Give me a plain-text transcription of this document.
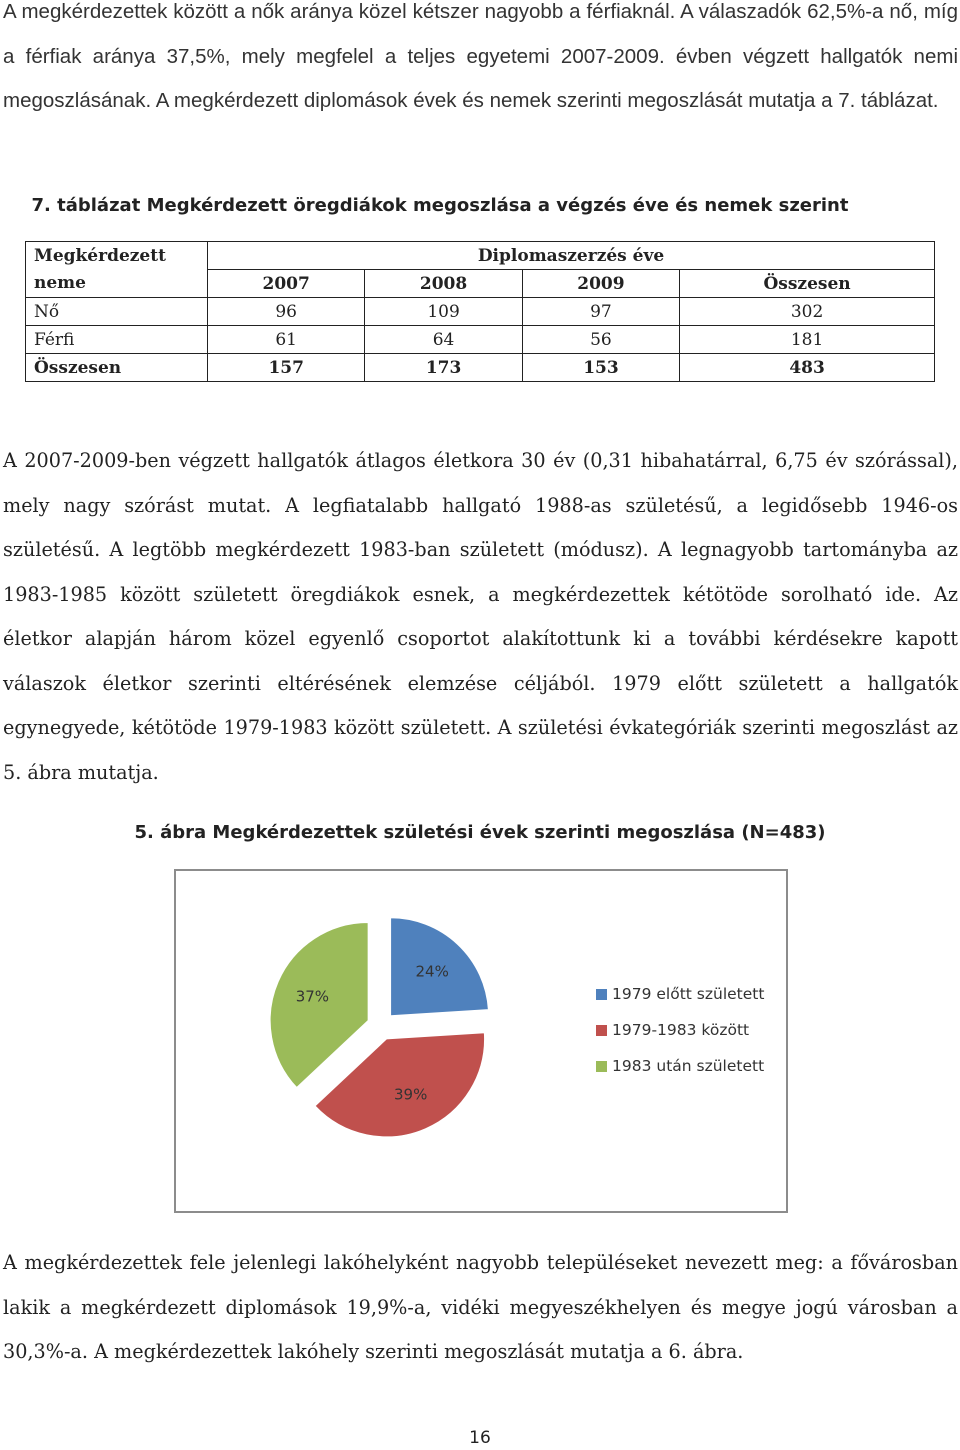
A megkérdezettek között a nők aránya közel kétszer nagyobb a férfiaknál. A válaszadók 62,5%-a nő, míg a férfiak aránya 37,5%, mely megfelel a teljes egyetemi 2007-2009. évben végzett hallgatók nemi megoszlásának. A megkérdezett diplomások évek és nemek szerinti megoszlását mutatja a 7. táblázat.

7. táblázat Megkérdezett öregdiákok megoszlása a végzés éve és nemek szerint
Megkérdezett	Diplomaszerzés éve			
neme	2007	2008	2009	Összesen
Nő	96	109	97	302
Férfi	61	64	56	181
Összesen	157	173	153	483

A 2007-2009-ben végzett hallgatók átlagos életkora 30 év (0,31 hibahatárral, 6,75 év szórással), mely nagy szórást mutat. A legfiatalabb hallgató 1988-as születésű, a legidősebb 1946-os születésű. A legtöbb megkérdezett 1983-ban született (módusz). A legnagyobb tartományba az 1983-1985 között született öregdiákok esnek, a megkérdezettek kétötöde sorolható ide. Az életkor alapján három közel egyenlő csoportot alakítottunk ki a további kérdésekre kapott válaszok életkor szerinti eltérésének elemzése céljából. 1979 előtt született a hallgatók egynegyede, kétötöde 1979-1983 között született. A születési évkategóriák szerinti megoszlást az 5. ábra mutatja.

5. ábra Megkérdezettek születési évek szerinti megoszlása (N=483)
24%
39%
37%	1979 előtt született
1979-1983 között
1983 után született

A megkérdezettek fele jelenlegi lakóhelyként nagyobb településeket nevezett meg: a fővárosban lakik a megkérdezett diplomások 19,9%-a, vidéki megyeszékhelyen és megye jogú városban a 30,3%-a. A megkérdezettek lakóhely szerinti megoszlását mutatja a 6. ábra.

16
